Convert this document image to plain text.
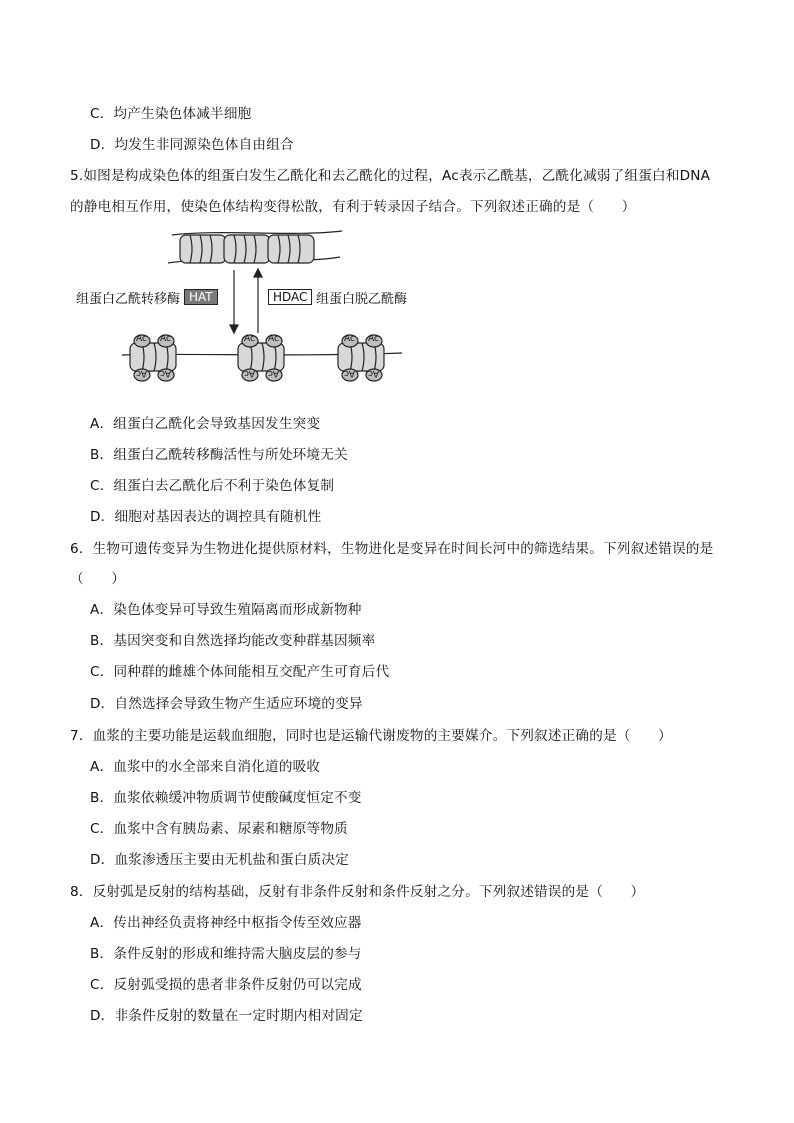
C．均产生染色体减半细胞
D．均发生非同源染色体自由组合
5.如图是构成染色体的组蛋白发生乙酰化和去乙酰化的过程，Ac表示乙酰基，乙酰化减弱了组蛋白和DNA
的静电相互作用，使染色体结构变得松散，有利于转录因子结合。下列叙述正确的是（　　）
Ac Ac	Ac Ac	Ac Ac
Ac Ac	Ac Ac	Ac Ac
组蛋白乙酰转移酶 HAT	HDAC 组蛋白脱乙酰酶
A．组蛋白乙酰化会导致基因发生突变
B．组蛋白乙酰转移酶活性与所处环境无关
C．组蛋白去乙酰化后不利于染色体复制
D．细胞对基因表达的调控具有随机性
6．生物可遗传变异为生物进化提供原材料，生物进化是变异在时间长河中的筛选结果。下列叙述错误的是
（　　）
A．染色体变异可导致生殖隔离而形成新物种
B．基因突变和自然选择均能改变种群基因频率
C．同种群的雌雄个体间能相互交配产生可育后代
D．自然选择会导致生物产生适应环境的变异
7．血浆的主要功能是运载血细胞，同时也是运输代谢废物的主要媒介。下列叙述正确的是（　　）
A．血浆中的水全部来自消化道的吸收
B．血浆依赖缓冲物质调节使酸碱度恒定不变
C．血浆中含有胰岛素、尿素和糖原等物质
D．血浆渗透压主要由无机盐和蛋白质决定
8．反射弧是反射的结构基础，反射有非条件反射和条件反射之分。下列叙述错误的是（　　）
A．传出神经负责将神经中枢指令传至效应器
B．条件反射的形成和维持需大脑皮层的参与
C．反射弧受损的患者非条件反射仍可以完成
D．非条件反射的数量在一定时期内相对固定
